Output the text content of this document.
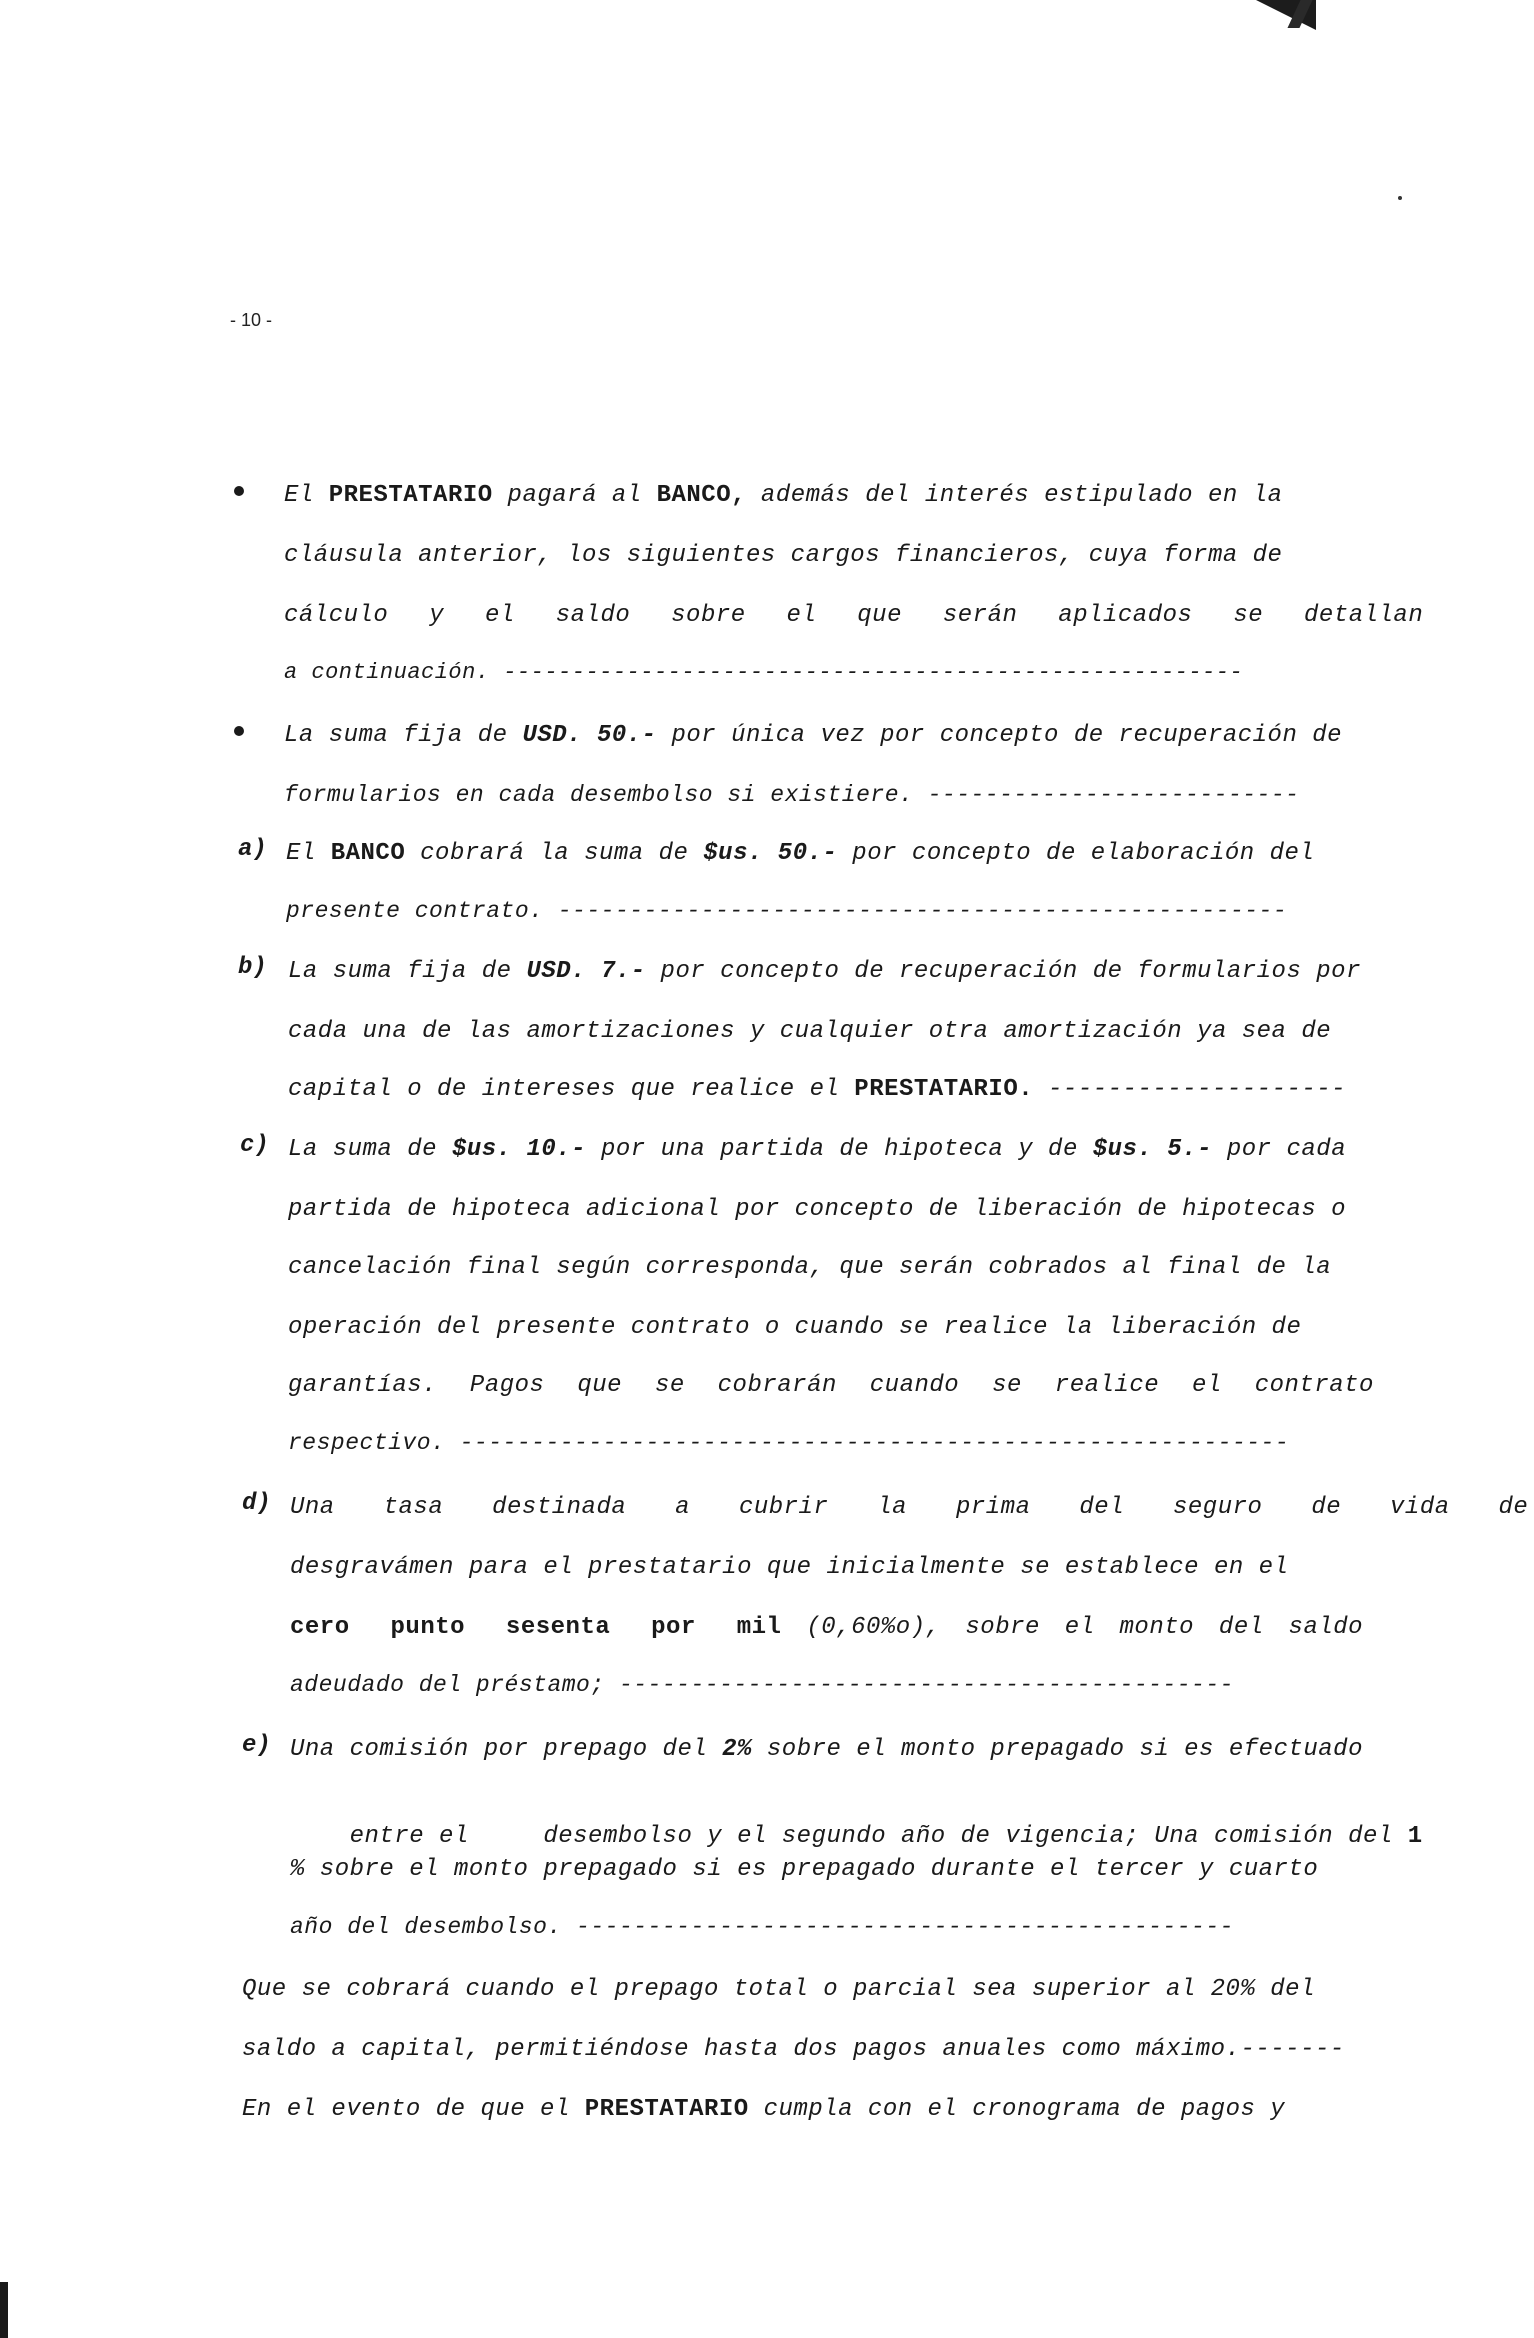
- 10 -
El PRESTATARIO pagará al BANCO, además del interés estipulado en la
cláusula anterior, los siguientes cargos financieros, cuya forma de
cálculo y el saldo sobre el que serán aplicados se detallan
a continuación. ------------------------------------------------------
La suma fija de USD. 50.- por única vez por concepto de recuperación de
formularios en cada desembolso si existiere. --------------------------
a) El BANCO cobrará la suma de $us. 50.- por concepto de elaboración del
presente contrato. ---------------------------------------------------
b) La suma fija de USD. 7.- por concepto de recuperación de formularios por
cada una de las amortizaciones y cualquier otra amortización ya sea de
capital o de intereses que realice el PRESTATARIO. --------------------
c) La suma de $us. 10.- por una partida de hipoteca y de $us. 5.- por cada
partida de hipoteca adicional por concepto de liberación de hipotecas o
cancelación final según corresponda, que serán cobrados al final de la
operación del presente contrato o cuando se realice la liberación de
garantías. Pagos que se cobrarán cuando se realice el contrato
respectivo. ----------------------------------------------------------
d) Una tasa destinada a cubrir la prima del seguro de vida de
desgravámen para el prestatario que inicialmente se establece en el
cero punto sesenta por mil (0,60%o), sobre el monto del saldo
adeudado del préstamo; -------------------------------------------
e) Una comisión por prepago del 2% sobre el monto prepagado si es efectuado

entre el     desembolso y el segundo año de vigencia; Una comisión del 1

% sobre el monto prepagado si es prepagado durante el tercer y cuarto
año del desembolso. ----------------------------------------------
Que se cobrará cuando el prepago total o parcial sea superior al 20% del
saldo a capital, permitiéndose hasta dos pagos anuales como máximo.-------
En el evento de que el PRESTATARIO cumpla con el cronograma de pagos y
